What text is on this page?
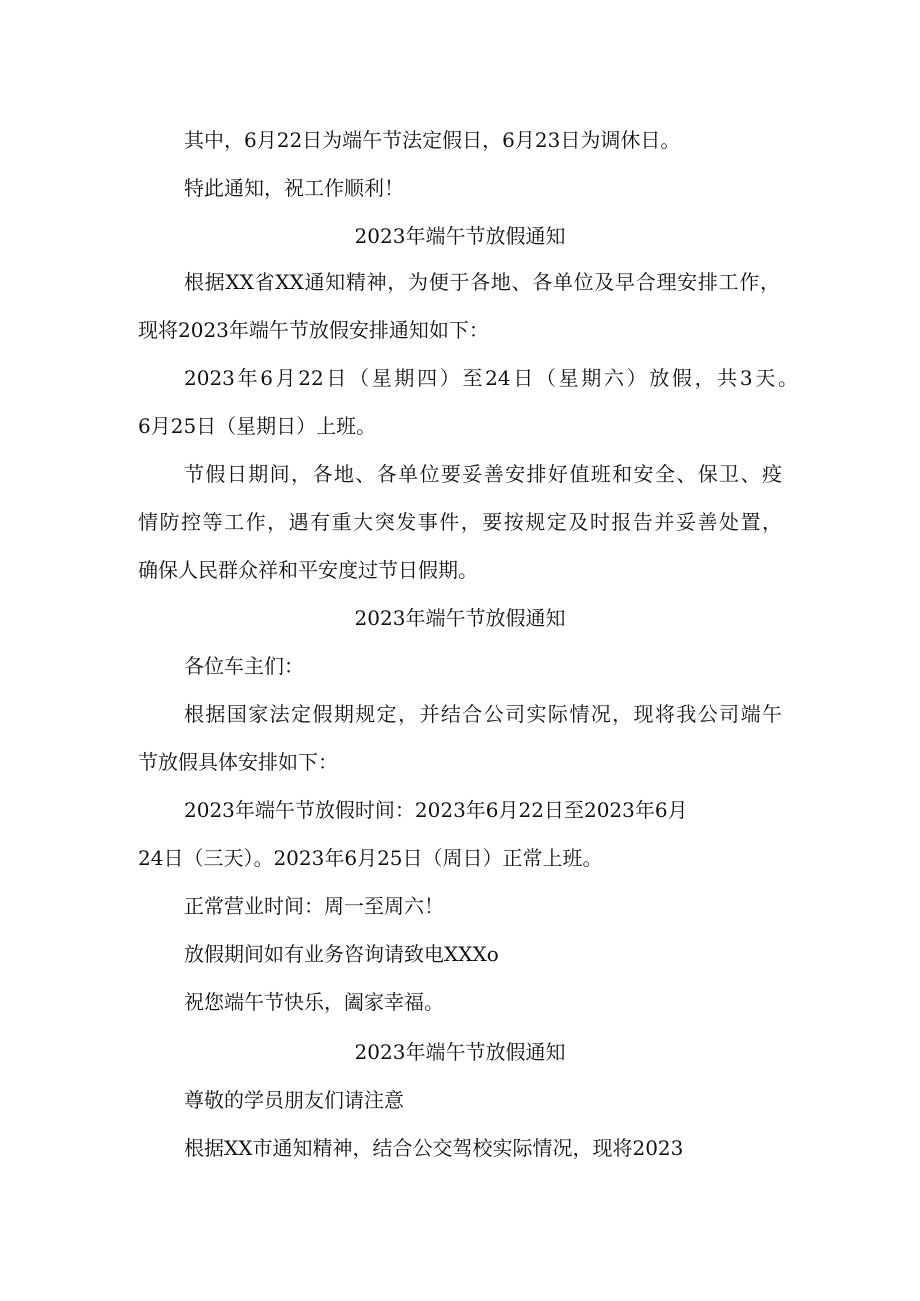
其中，6月22日为端午节法定假日，6月23日为调休日。
特此通知，祝工作顺利！
2023年端午节放假通知
根据XX省XX通知精神，为便于各地、各单位及早合理安排工作，
现将2023年端午节放假安排通知如下：
2023年6月22日（星期四）至24日（星期六）放假，共3天。
6月25日（星期日）上班。
节假日期间，各地、各单位要妥善安排好值班和安全、保卫、疫
情防控等工作，遇有重大突发事件，要按规定及时报告并妥善处置，
确保人民群众祥和平安度过节日假期。
2023年端午节放假通知
各位车主们：
根据国家法定假期规定，并结合公司实际情况，现将我公司端午
节放假具体安排如下：
2023年端午节放假时间：2023年6月22日至2023年6月
24日（三天）。2023年6月25日（周日）正常上班。
正常营业时间：周一至周六！
放假期间如有业务咨询请致电XXXo
祝您端午节快乐，阖家幸福。
2023年端午节放假通知
尊敬的学员朋友们请注意
根据XX市通知精神，结合公交驾校实际情况，现将2023
